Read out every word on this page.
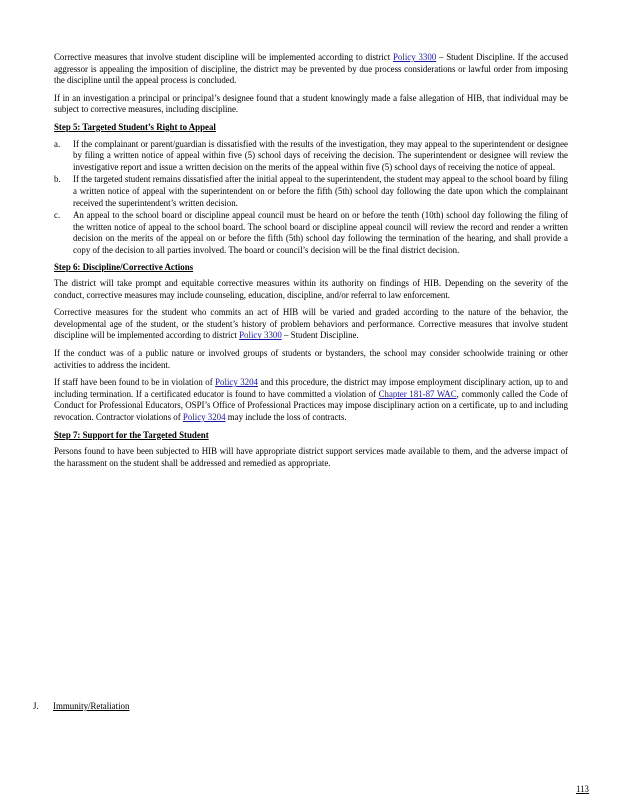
Corrective measures that involve student discipline will be implemented according to district Policy 3300 – Student Discipline. If the accused aggressor is appealing the imposition of discipline, the district may be prevented by due process considerations or lawful order from imposing the discipline until the appeal process is concluded.

If in an investigation a principal or principal’s designee found that a student knowingly made a false allegation of HIB, that individual may be subject to corrective measures, including discipline.

Step 5: Targeted Student’s Right to Appeal
a. If the complainant or parent/guardian is dissatisfied with the results of the investigation, they may appeal to the superintendent or designee by filing a written notice of appeal within five (5) school days of receiving the decision. The superintendent or designee will review the investigative report and issue a written decision on the merits of the appeal within five (5) school days of receiving the notice of appeal.
b. If the targeted student remains dissatisfied after the initial appeal to the superintendent, the student may appeal to the school board by filing a written notice of appeal with the superintendent on or before the fifth (5th) school day following the date upon which the complainant received the superintendent’s written decision.
c. An appeal to the school board or discipline appeal council must be heard on or before the tenth (10th) school day following the filing of the written notice of appeal to the school board. The school board or discipline appeal council will review the record and render a written decision on the merits of the appeal on or before the fifth (5th) school day following the termination of the hearing, and shall provide a copy of the decision to all parties involved. The board or council’s decision will be the final district decision.
Step 6: Discipline/Corrective Actions

The district will take prompt and equitable corrective measures within its authority on findings of HIB. Depending on the severity of the conduct, corrective measures may include counseling, education, discipline, and/or referral to law enforcement.

Corrective measures for the student who commits an act of HIB will be varied and graded according to the nature of the behavior, the developmental age of the student, or the student’s history of problem behaviors and performance. Corrective measures that involve student discipline will be implemented according to district Policy 3300 – Student Discipline.

If the conduct was of a public nature or involved groups of students or bystanders, the school may consider schoolwide training or other activities to address the incident.

If staff have been found to be in violation of Policy 3204 and this procedure, the district may impose employment disciplinary action, up to and including termination. If a certificated educator is found to have committed a violation of Chapter 181-87 WAC, commonly called the Code of Conduct for Professional Educators, OSPI’s Office of Professional Practices may impose disciplinary action on a certificate, up to and including revocation. Contractor violations of Policy 3204 may include the loss of contracts.

Step 7: Support for the Targeted Student

Persons found to have been subjected to HIB will have appropriate district support services made available to them, and the adverse impact of the harassment on the student shall be addressed and remedied as appropriate.

J. Immunity/Retaliation
113
